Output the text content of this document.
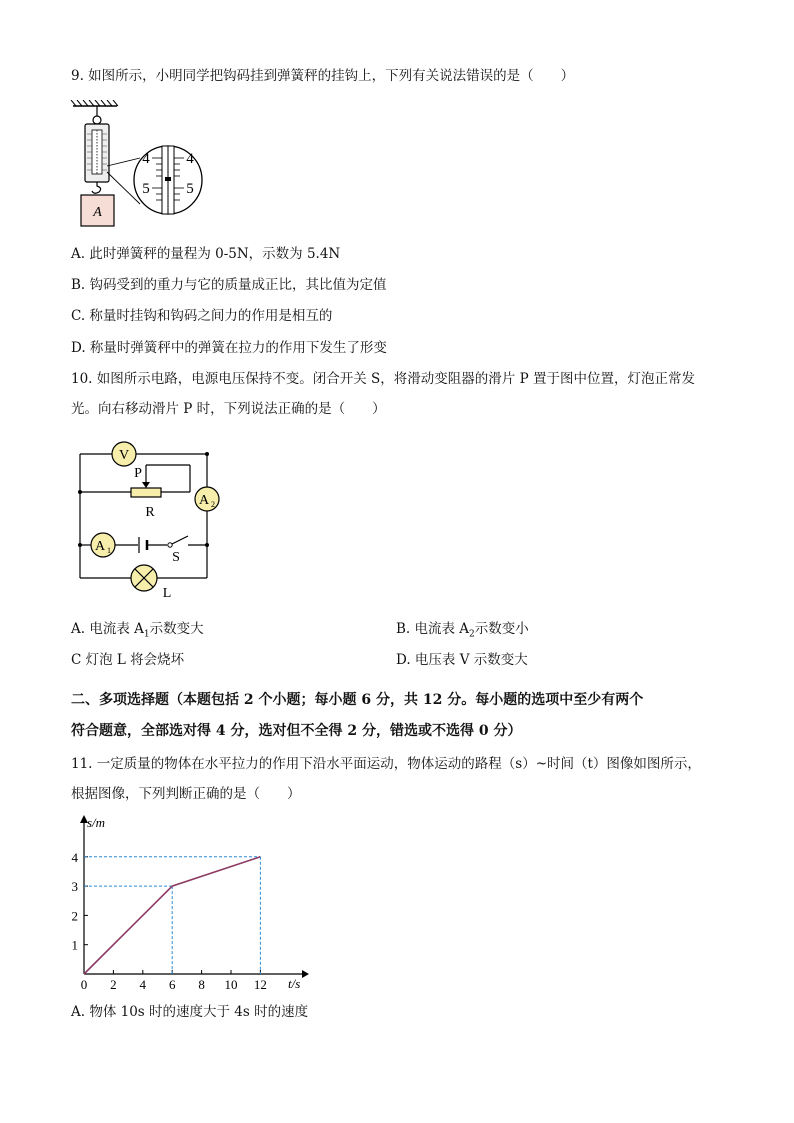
9. 如图所示，小明同学把钩码挂到弹簧秤的挂钩上，下列有关说法错误的是（　　）
A
4 4
5 5
A. 此时弹簧秤的量程为 0-5N，示数为 5.4N
B. 钩码受到的重力与它的质量成正比，其比值为定值
C. 称量时挂钩和钩码之间力的作用是相互的
D. 称量时弹簧秤中的弹簧在拉力的作用下发生了形变
10. 如图所示电路，电源电压保持不变。闭合开关 S，将滑动变阻器的滑片 P 置于图中位置，灯泡正常发
光。向右移动滑片 P 时，下列说法正确的是（　　）
V
A 2
A 1
P
R
S
L
A. 电流表 $A_1$示数变大	B. 电流表 $A_2$示数变小
C 灯泡 L 将会烧坏	D. 电压表 V 示数变大
二、多项选择题（本题包括 2 个小题；每小题 6 分，共 12 分。每小题的选项中至少有两个
符合题意，全部选对得 4 分，选对但不全得 2 分，错选或不选得 0 分）
11. 一定质量的物体在水平拉力的作用下沿水平面运动，物体运动的路程（s）~时间（t）图像如图所示，
根据图像，下列判断正确的是（　　）
0 2 4 6 8 10 12
1
2
3
4
s/m
t/s
A. 物体 10s 时的速度大于 4s 时的速度
